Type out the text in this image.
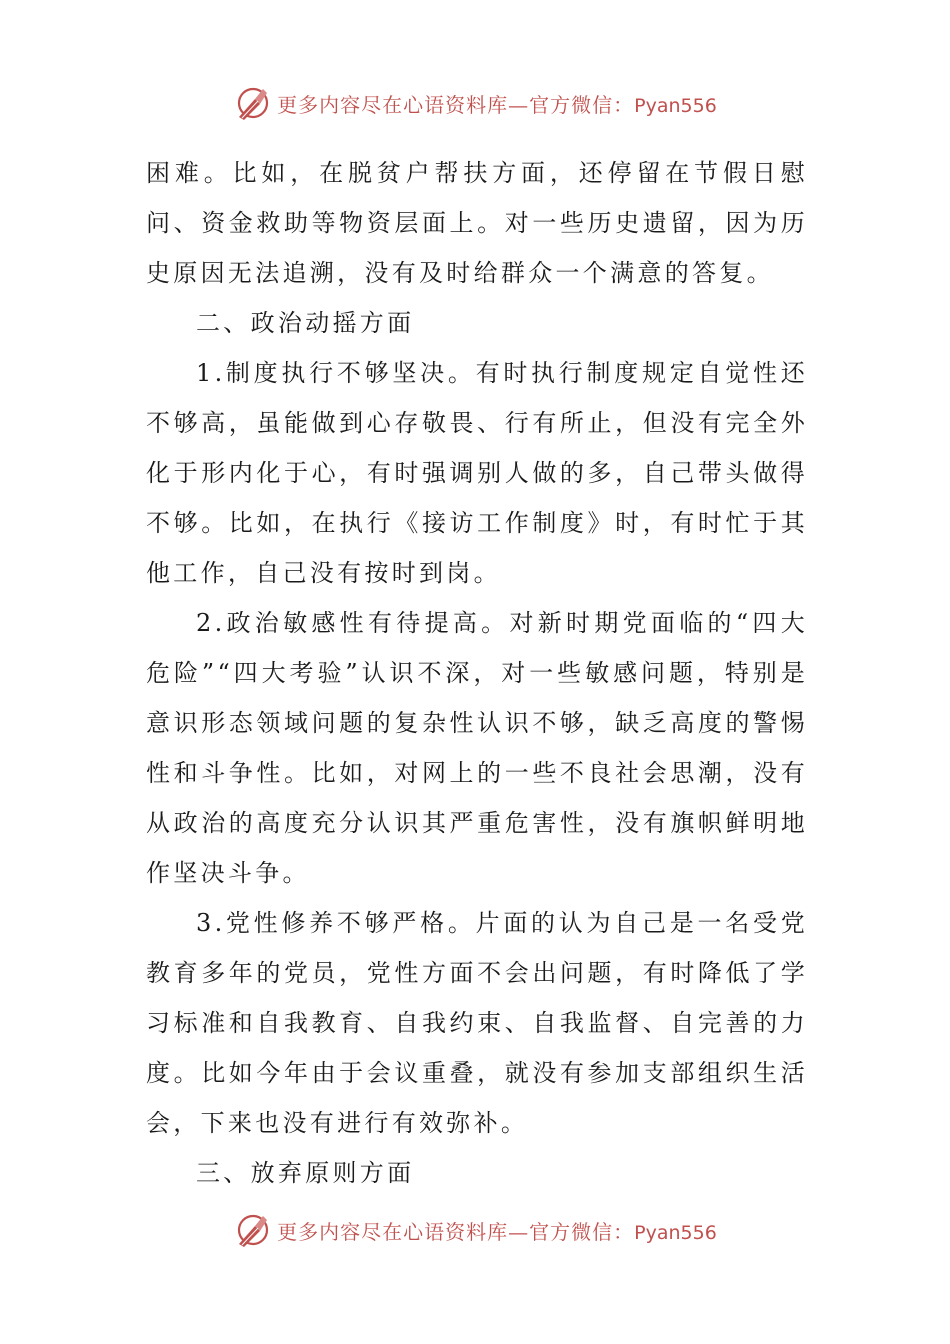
更多内容尽在心语资料库—官方微信：Pyan556

困难。比如，在脱贫户帮扶方面，还停留在节假日慰问、资金救助等物资层面上。对一些历史遗留，因为历史原因无法追溯，没有及时给群众一个满意的答复。

二、政治动摇方面

1.制度执行不够坚决。有时执行制度规定自觉性还不够高，虽能做到心存敬畏、行有所止，但没有完全外化于形内化于心，有时强调别人做的多，自己带头做得不够。比如，在执行《接访工作制度》时，有时忙于其他工作，自己没有按时到岗。

2.政治敏感性有待提高。对新时期党面临的“四大危险”“四大考验”认识不深，对一些敏感问题，特别是意识形态领域问题的复杂性认识不够，缺乏高度的警惕性和斗争性。比如，对网上的一些不良社会思潮，没有从政治的高度充分认识其严重危害性，没有旗帜鲜明地作坚决斗争。

3.党性修养不够严格。片面的认为自己是一名受党教育多年的党员，党性方面不会出问题，有时降低了学习标准和自我教育、自我约束、自我监督、自完善的力度。比如今年由于会议重叠，就没有参加支部组织生活会，下来也没有进行有效弥补。

三、放弃原则方面

更多内容尽在心语资料库—官方微信：Pyan556
